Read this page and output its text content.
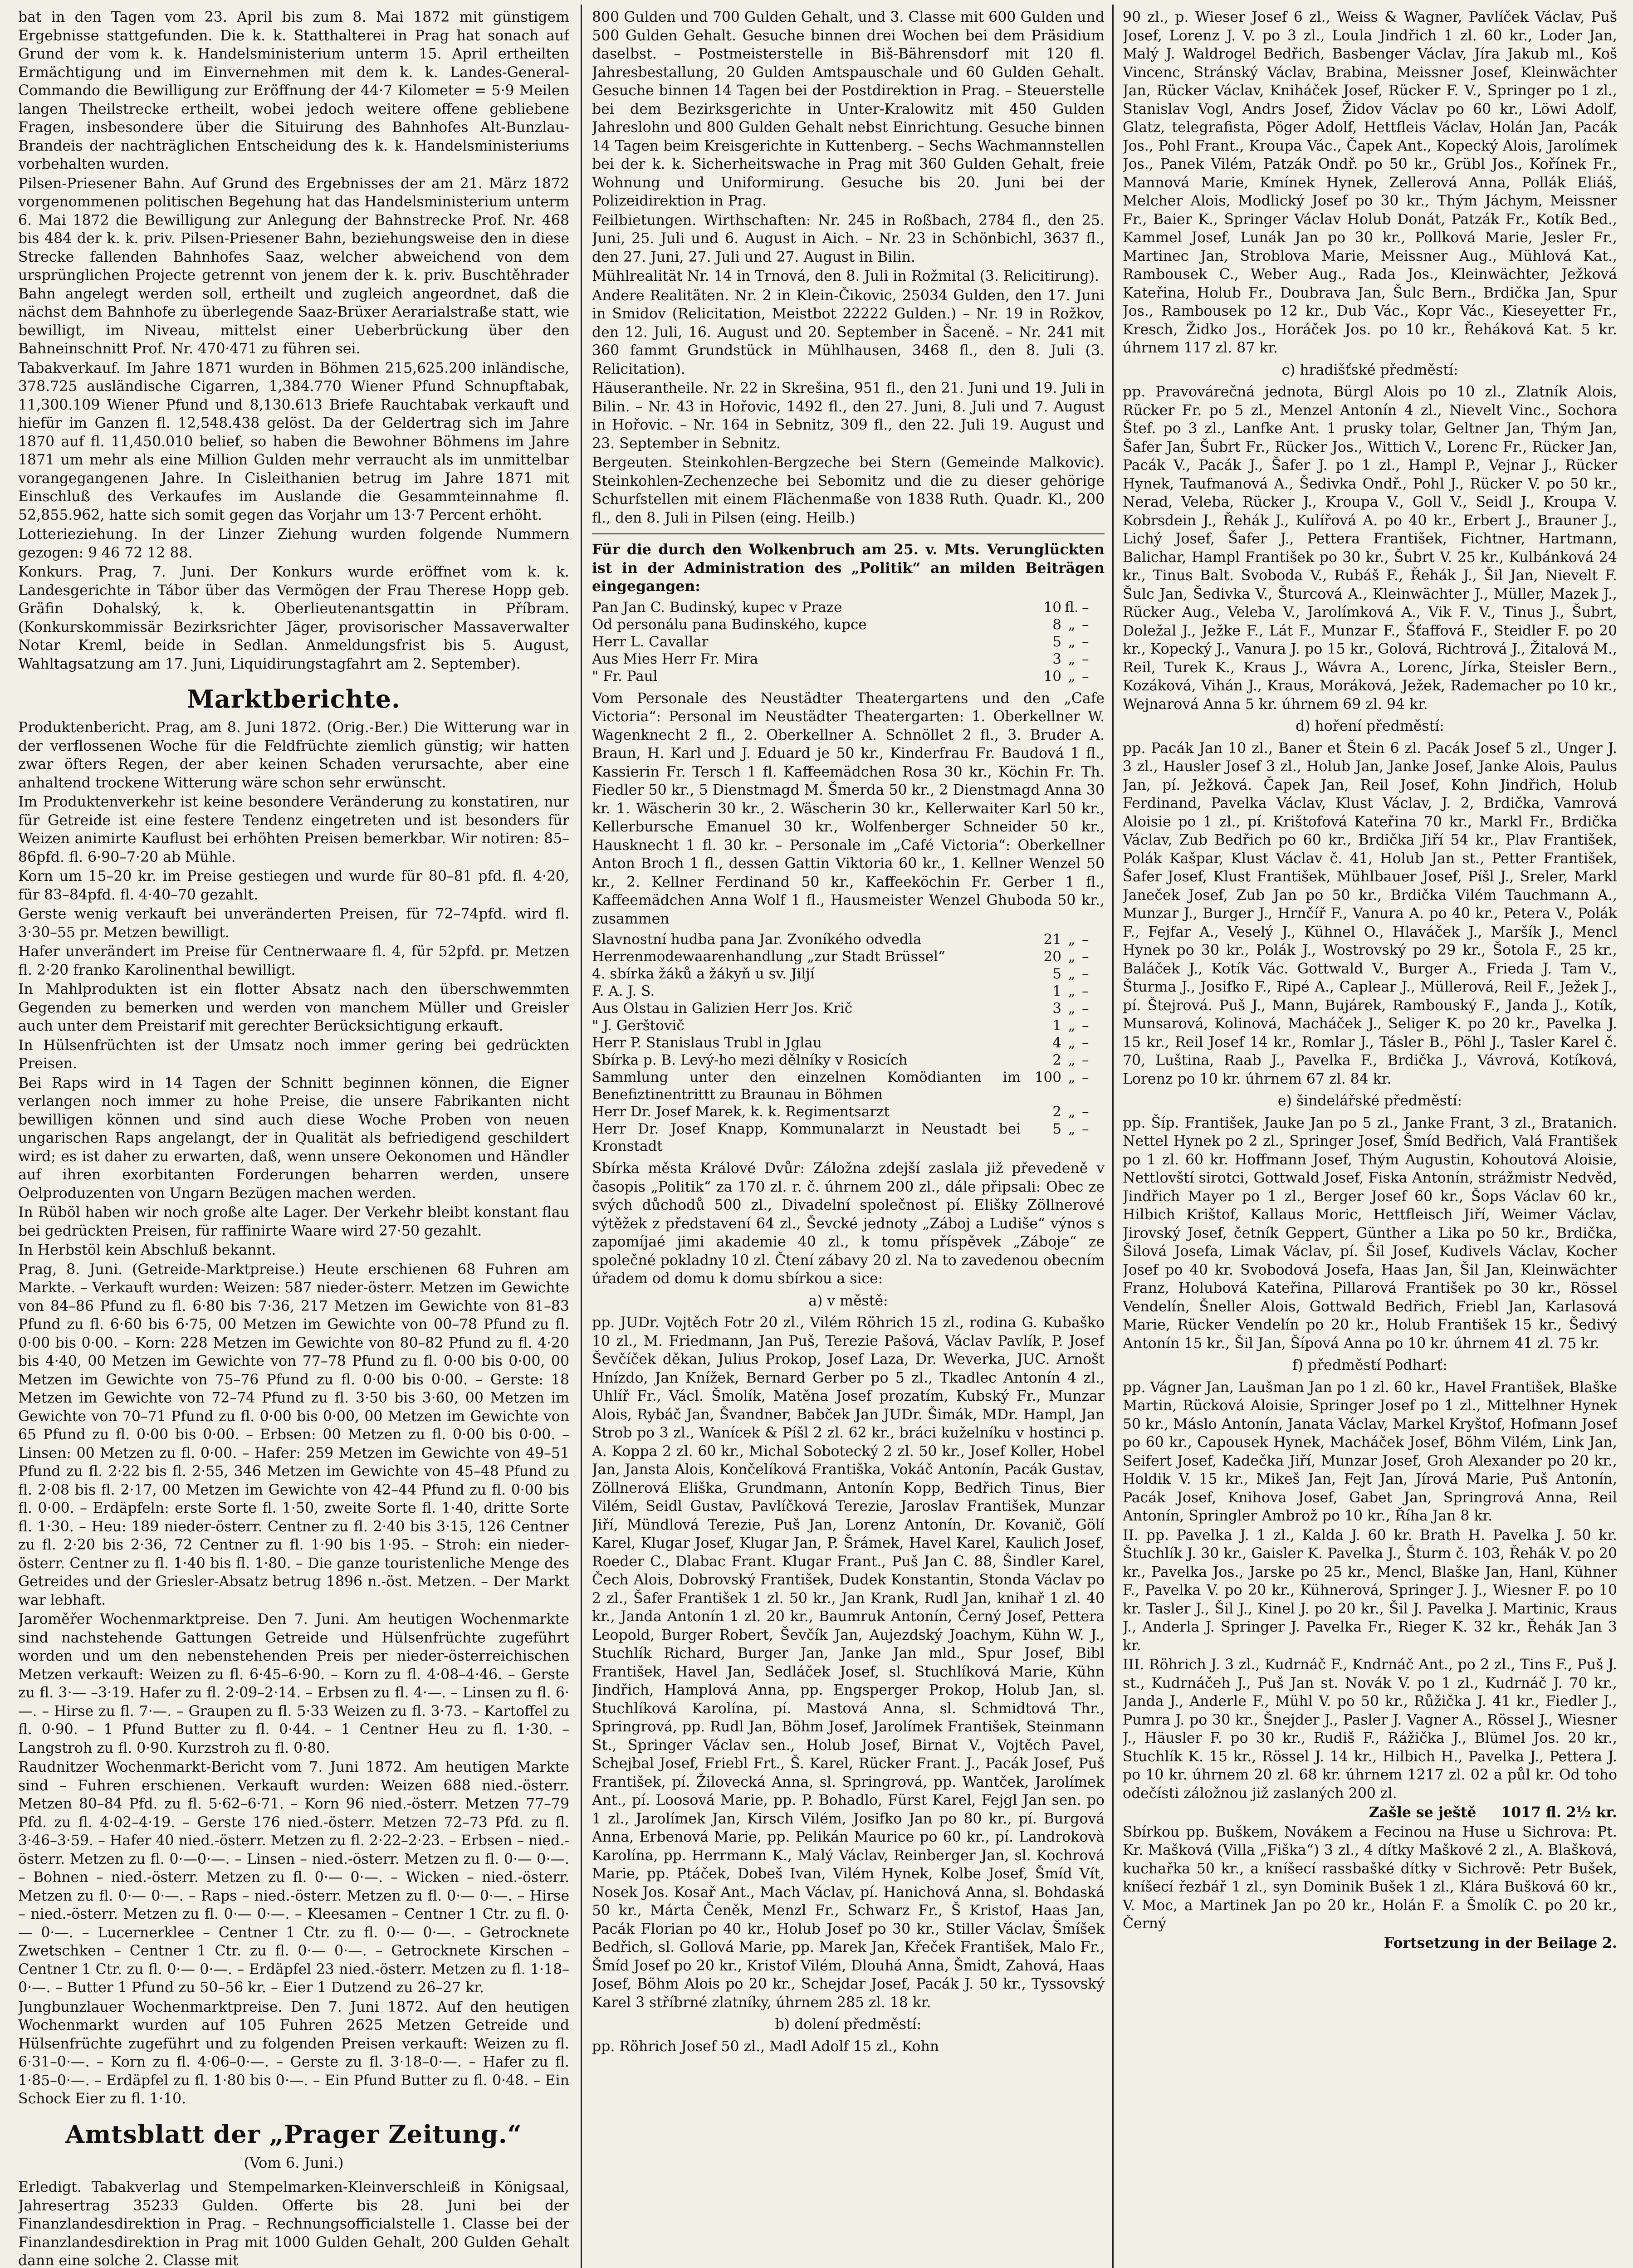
bat in den Tagen vom 23. April bis zum 8. Mai 1872 mit günstigem Ergebnisse stattgefunden. Die k. k. Statthalterei in Prag hat sonach auf Grund der vom k. k. Handelsministerium unterm 15. April ertheilten Ermächtigung und im Einvernehmen mit dem k. k. Landes-General-Commando die Bewilligung zur Eröffnung der 44·7 Kilometer = 5·9 Meilen langen Theilstrecke ertheilt, wobei jedoch weitere offene gebliebene Fragen, insbesondere über die Situirung des Bahnhofes Alt-Bunzlau-Brandeis der nachträglichen Entscheidung des k. k. Handelsministeriums vorbehalten wurden.

Pilsen-Priesener Bahn. Auf Grund des Ergebnisses der am 21. März 1872 vorgenommenen politischen Begehung hat das Handelsministerium unterm 6. Mai 1872 die Bewilligung zur Anlegung der Bahnstrecke Prof. Nr. 468 bis 484 der k. k. priv. Pilsen-Priesener Bahn, beziehungsweise den in diese Strecke fallenden Bahnhofes Saaz, welcher abweichend von dem ursprünglichen Projecte getrennt von jenem der k. k. priv. Buschtěhrader Bahn angelegt werden soll, ertheilt und zugleich angeordnet, daß die nächst dem Bahnhofe zu überlegende Saaz-Brüxer Aerarialstraße statt, wie bewilligt, im Niveau, mittelst einer Ueberbrückung über den Bahneinschnitt Prof. Nr. 470·471 zu führen sei.

Tabakverkauf. Im Jahre 1871 wurden in Böhmen 215,625.200 inländische, 378.725 ausländische Cigarren, 1,384.770 Wiener Pfund Schnupftabak, 11,300.109 Wiener Pfund und 8,130.613 Briefe Rauchtabak verkauft und hiefür im Ganzen fl. 12,548.438 gelöst. Da der Geldertrag sich im Jahre 1870 auf fl. 11,450.010 belief, so haben die Bewohner Böhmens im Jahre 1871 um mehr als eine Million Gulden mehr verraucht als im unmittelbar vorangegangenen Jahre. In Cisleithanien betrug im Jahre 1871 mit Einschluß des Verkaufes im Auslande die Gesammteinnahme fl. 52,855.962, hatte sich somit gegen das Vorjahr um 13·7 Percent erhöht.

Lotterieziehung. In der Linzer Ziehung wurden folgende Nummern gezogen: 9 46 72 12 88.

Konkurs. Prag, 7. Juni. Der Konkurs wurde eröffnet vom k. k. Landesgerichte in Tábor über das Vermögen der Frau Therese Hopp geb. Gräfin Dohalský, k. k. Oberlieutenantsgattin in Příbram. (Konkurskommissär Bezirksrichter Jäger, provisorischer Massaverwalter Notar Kreml, beide in Sedlan. Anmeldungsfrist bis 5. August, Wahltagsatzung am 17. Juni, Liquidirungstagfahrt am 2. September).

Marktberichte.

Produktenbericht. Prag, am 8. Juni 1872. (Orig.-Ber.) Die Witterung war in der verflossenen Woche für die Feldfrüchte ziemlich günstig; wir hatten zwar öfters Regen, der aber keinen Schaden verursachte, aber eine anhaltend trockene Witterung wäre schon sehr erwünscht.

Im Produktenverkehr ist keine besondere Veränderung zu konstatiren, nur für Getreide ist eine festere Tendenz eingetreten und ist besonders für Weizen animirte Kauflust bei erhöhten Preisen bemerkbar. Wir notiren: 85–86pfd. fl. 6·90–7·20 ab Mühle.

Korn um 15–20 kr. im Preise gestiegen und wurde für 80–81 pfd. fl. 4·20, für 83–84pfd. fl. 4·40–70 gezahlt.

Gerste wenig verkauft bei unveränderten Preisen, für 72–74pfd. wird fl. 3·30–55 pr. Metzen bewilligt.

Hafer unverändert im Preise für Centnerwaare fl. 4, für 52pfd. pr. Metzen fl. 2·20 franko Karolinenthal bewilligt.

In Mahlprodukten ist ein flotter Absatz nach den überschwemmten Gegenden zu bemerken und werden von manchem Müller und Greisler auch unter dem Preistarif mit gerechter Berücksichtigung erkauft.

In Hülsenfrüchten ist der Umsatz noch immer gering bei gedrückten Preisen.

Bei Raps wird in 14 Tagen der Schnitt beginnen können, die Eigner verlangen noch immer zu hohe Preise, die unsere Fabrikanten nicht bewilligen können und sind auch diese Woche Proben von neuen ungarischen Raps angelangt, der in Qualität als befriedigend geschildert wird; es ist daher zu erwarten, daß, wenn unsere Oekonomen und Händler auf ihren exorbitanten Forderungen beharren werden, unsere Oelproduzenten von Ungarn Bezügen machen werden.

In Rüböl haben wir noch große alte Lager. Der Verkehr bleibt konstant flau bei gedrückten Preisen, für raffinirte Waare wird 27·50 gezahlt.

In Herbstöl kein Abschluß bekannt.

Prag, 8. Juni. (Getreide-Marktpreise.) Heute erschienen 68 Fuhren am Markte. – Verkauft wurden: Weizen: 587 nieder-österr. Metzen im Gewichte von 84–86 Pfund zu fl. 6·80 bis 7·36, 217 Metzen im Gewichte von 81–83 Pfund zu fl. 6·60 bis 6·75, 00 Metzen im Gewichte von 00–78 Pfund zu fl. 0·00 bis 0·00. – Korn: 228 Metzen im Gewichte von 80–82 Pfund zu fl. 4·20 bis 4·40, 00 Metzen im Gewichte von 77–78 Pfund zu fl. 0·00 bis 0·00, 00 Metzen im Gewichte von 75–76 Pfund zu fl. 0·00 bis 0·00. – Gerste: 18 Metzen im Gewichte von 72–74 Pfund zu fl. 3·50 bis 3·60, 00 Metzen im Gewichte von 70–71 Pfund zu fl. 0·00 bis 0·00, 00 Metzen im Gewichte von 65 Pfund zu fl. 0·00 bis 0·00. – Erbsen: 00 Metzen zu fl. 0·00 bis 0·00. – Linsen: 00 Metzen zu fl. 0·00. – Hafer: 259 Metzen im Gewichte von 49–51 Pfund zu fl. 2·22 bis fl. 2·55, 346 Metzen im Gewichte von 45–48 Pfund zu fl. 2·08 bis fl. 2·17, 00 Metzen im Gewichte von 42–44 Pfund zu fl. 0·00 bis fl. 0·00. – Erdäpfeln: erste Sorte fl. 1·50, zweite Sorte fl. 1·40, dritte Sorte fl. 1·30. – Heu: 189 nieder-österr. Centner zu fl. 2·40 bis 3·15, 126 Centner zu fl. 2·20 bis 2·36, 72 Centner zu fl. 1·90 bis 1·95. – Stroh: ein nieder-österr. Centner zu fl. 1·40 bis fl. 1·80. – Die ganze touristenliche Menge des Getreides und der Griesler-Absatz betrug 1896 n.-öst. Metzen. – Der Markt war lebhaft.

Jaroměřer Wochenmarktpreise. Den 7. Juni. Am heutigen Wochenmarkte sind nachstehende Gattungen Getreide und Hülsenfrüchte zugeführt worden und um den nebenstehenden Preis per nieder-österreichischen Metzen verkauft: Weizen zu fl. 6·45–6·90. – Korn zu fl. 4·08–4·46. – Gerste zu fl. 3·— –3·19. Hafer zu fl. 2·09–2·14. – Erbsen zu fl. 4·—. – Linsen zu fl. 6·—. – Hirse zu fl. 7·—. – Graupen zu fl. 5·33 Weizen zu fl. 3·73. – Kartoffel zu fl. 0·90. – 1 Pfund Butter zu fl. 0·44. – 1 Centner Heu zu fl. 1·30. – Langstroh zu fl. 0·90. Kurzstroh zu fl. 0·80.

Raudnitzer Wochenmarkt-Bericht vom 7. Juni 1872. Am heutigen Markte sind – Fuhren erschienen. Verkauft wurden: Weizen 688 nied.-österr. Metzen 80–84 Pfd. zu fl. 5·62–6·71. – Korn 96 nied.-österr. Metzen 77–79 Pfd. zu fl. 4·02–4·19. – Gerste 176 nied.-österr. Metzen 72–73 Pfd. zu fl. 3·46–3·59. – Hafer 40 nied.-österr. Metzen zu fl. 2·22–2·23. – Erbsen – nied.-österr. Metzen zu fl. 0·—0·—. – Linsen – nied.-österr. Metzen zu fl. 0·— 0·—. – Bohnen – nied.-österr. Metzen zu fl. 0·— 0·—. – Wicken – nied.-österr. Metzen zu fl. 0·— 0·—. – Raps – nied.-österr. Metzen zu fl. 0·— 0·—. – Hirse – nied.-österr. Metzen zu fl. 0·— 0·—. – Kleesamen – Centner 1 Ctr. zu fl. 0·— 0·—. – Lucernerklee – Centner 1 Ctr. zu fl. 0·— 0·—. – Getrocknete Zwetschken – Centner 1 Ctr. zu fl. 0·— 0·—. – Getrocknete Kirschen – Centner 1 Ctr. zu fl. 0·— 0·—. – Erdäpfel 23 nied.-österr. Metzen zu fl. 1·18–0·—. – Butter 1 Pfund zu 50–56 kr. – Eier 1 Dutzend zu 26–27 kr.

Jungbunzlauer Wochenmarktpreise. Den 7. Juni 1872. Auf den heutigen Wochenmarkt wurden auf 105 Fuhren 2625 Metzen Getreide und Hülsenfrüchte zugeführt und zu folgenden Preisen verkauft: Weizen zu fl. 6·31–0·—. – Korn zu fl. 4·06–0·—. – Gerste zu fl. 3·18–0·—. – Hafer zu fl. 1·85–0·—. – Erdäpfel zu fl. 1·80 bis 0·—. – Ein Pfund Butter zu fl. 0·48. – Ein Schock Eier zu fl. 1·10.

Amtsblatt der „Prager Zeitung.“
(Vom 6. Juni.)

Erledigt. Tabakverlag und Stempelmarken-Kleinverschleiß in Königsaal, Jahresertrag 35233 Gulden. Offerte bis 28. Juni bei der Finanzlandesdirektion in Prag. – Rechnungsofficialstelle 1. Classe bei der Finanzlandesdirektion in Prag mit 1000 Gulden Gehalt, 200 Gulden Gehalt dann eine solche 2. Classe mit

800 Gulden und 700 Gulden Gehalt, und 3. Classe mit 600 Gulden und 500 Gulden Gehalt. Gesuche binnen drei Wochen bei dem Präsidium daselbst. – Postmeisterstelle in Biš-Bährensdorf mit 120 fl. Jahresbestallung, 20 Gulden Amtspauschale und 60 Gulden Gehalt. Gesuche binnen 14 Tagen bei der Postdirektion in Prag. – Steuerstelle bei dem Bezirksgerichte in Unter-Kralowitz mit 450 Gulden Jahreslohn und 800 Gulden Gehalt nebst Einrichtung. Gesuche binnen 14 Tagen beim Kreisgerichte in Kuttenberg. – Sechs Wachmannstellen bei der k. k. Sicherheitswache in Prag mit 360 Gulden Gehalt, freie Wohnung und Uniformirung. Gesuche bis 20. Juni bei der Polizeidirektion in Prag.

Feilbietungen. Wirthschaften: Nr. 245 in Roßbach, 2784 fl., den 25. Juni, 25. Juli und 6. August in Aich. – Nr. 23 in Schönbichl, 3637 fl., den 27. Juni, 27. Juli und 27. August in Bilin.

Mühlrealität Nr. 14 in Trnová, den 8. Juli in Rožmital (3. Relicitirung).

Andere Realitäten. Nr. 2 in Klein-Čikovic, 25034 Gulden, den 17. Juni in Smidov (Relicitation, Meistbot 22222 Gulden.) – Nr. 19 in Rožkov, den 12. Juli, 16. August und 20. September in Šaceně. – Nr. 241 mit 360 fammt Grundstück in Mühlhausen, 3468 fl., den 8. Juli (3. Relicitation).

Häuserantheile. Nr. 22 in Skrešina, 951 fl., den 21. Juni und 19. Juli in Bilin. – Nr. 43 in Hořovic, 1492 fl., den 27. Juni, 8. Juli und 7. August in Hořovic. – Nr. 164 in Sebnitz, 309 fl., den 22. Juli 19. August und 23. September in Sebnitz.

Bergeuten. Steinkohlen-Bergzeche bei Stern (Gemeinde Malkovic). Steinkohlen-Zechenzeche bei Sebomitz und die zu dieser gehörige Schurfstellen mit einem Flächenmaße von 1838 Ruth. Quadr. Kl., 200 fl., den 8. Juli in Pilsen (eing. Heilb.)

Für die durch den Wolkenbruch am 25. v. Mts. Verunglückten ist in der Administration des „Politik“ an milden Beiträgen eingegangen:

Pan Jan C. Budinský, kupec v Praze	10	fl.	–
Od personálu pana Budinského, kupce	8	„	–
Herr L. Cavallar	5	„	–
Aus Mies Herr Fr. Mira	3	„	–
" Fr. Paul	10	„	–

Vom Personale des Neustädter Theatergartens und den „Cafe Victoria“: Personal im Neustädter Theatergarten: 1. Oberkellner W. Wagenknecht 2 fl., 2. Oberkellner A. Schnöllet 2 fl., 3. Bruder A. Braun, H. Karl und J. Eduard je 50 kr., Kinderfrau Fr. Baudová 1 fl., Kassierin Fr. Tersch 1 fl. Kaffeemädchen Rosa 30 kr., Köchin Fr. Th. Fiedler 50 kr., 5 Dienstmagd M. Šmerda 50 kr., 2 Dienstmagd Anna 30 kr. 1. Wäscherin 30 kr., 2. Wäscherin 30 kr., Kellerwaiter Karl 50 kr., Kellerbursche Emanuel 30 kr., Wolfenberger Schneider 50 kr., Hausknecht 1 fl. 30 kr. – Personale im „Café Victoria“: Oberkellner Anton Broch 1 fl., dessen Gattin Viktoria 60 kr., 1. Kellner Wenzel 50 kr., 2. Kellner Ferdinand 50 kr., Kaffeeköchin Fr. Gerber 1 fl., Kaffeemädchen Anna Wolf 1 fl., Hausmeister Wenzel Ghuboda 50 kr., zusammen

Slavnostní hudba pana Jar. Zvoníkého odvedla	21	„	–
Herrenmodewaarenhandlung „zur Stadt Brüssel“	20	„	–
4. sbírka žáků a žákyň u sv. Jiljí	5	„	–
F. A. J. S.	1	„	–
Aus Olstau in Galizien Herr Jos. Krič	3	„	–
" J. Gerštovič	1	„	–
Herr P. Stanislaus Trubl in Jglau	4	„	–
Sbírka p. B. Levý-ho mezi dělníky v Rosicích	2	„	–
Sammlung unter den einzelnen Komödianten im Benefiztinentrittt zu Braunau in Böhmen	100	„	–
Herr Dr. Josef Marek, k. k. Regimentsarzt	2	„	–
Herr Dr. Josef Knapp, Kommunalarzt in Neustadt bei Kronstadt	5	„	–

Sbírka města Králové Dvůr: Záložna zdejší zaslala již převedeně v časopis „Politik“ za 170 zl. r. č. úhrnem 200 zl., dále připsali: Obec ze svých důchodů 500 zl., Divadelní společnost pí. Elišky Zöllnerové výtěžek z představení 64 zl., Ševcké jednoty „Záboj a Ludiše“ výnos s zapomíjaé jimi akademie 40 zl., k tomu příspěvek „Záboje“ ze společné pokladny 10 zl. Čtení zábavy 20 zl. Na to zavedenou obecním úřadem od domu k domu sbírkou a sice:

a) v městě:

pp. JUDr. Vojtěch Fotr 20 zl., Vilém Röhrich 15 zl., rodina G. Kubaško 10 zl., M. Friedmann, Jan Puš, Terezie Pašová, Václav Pavlík, P. Josef Ševčíček děkan, Julius Prokop, Josef Laza, Dr. Weverka, JUC. Arnošt Hnízdo, Jan Knížek, Bernard Gerber po 5 zl., Tkadlec Antonín 4 zl., Uhlíř Fr., Václ. Šmolík, Matěna Josef prozatím, Kubský Fr., Munzar Alois, Rybáč Jan, Švandner, Babček Jan JUDr. Šimák, MDr. Hampl, Jan Strob po 3 zl., Wanícek & Píšl 2 zl. 62 kr., bráci kuželníku v hostinci p. A. Koppa 2 zl. 60 kr., Michal Sobotecký 2 zl. 50 kr., Josef Koller, Hobel Jan, Jansta Alois, Končelíková Františka, Vokáč Antonín, Pacák Gustav, Zöllnerová Eliška, Grundmann, Antonín Kopp, Bedřich Tinus, Bier Vilém, Seidl Gustav, Pavlíčková Terezie, Jaroslav František, Munzar Jiří, Mündlová Terezie, Puš Jan, Lorenz Antonín, Dr. Kovanič, Gölí Karel, Klugar Josef, Klugar Jan, P. Šrámek, Havel Karel, Kaulich Josef, Roeder C., Dlabac Frant. Klugar Frant., Puš Jan C. 88, Šindler Karel, Čech Alois, Dobrovský František, Dudek Konstantin, Stonda Václav po 2 zl., Šafer František 1 zl. 50 kr., Jan Krank, Rudl Jan, knihař 1 zl. 40 kr., Janda Antonín 1 zl. 20 kr., Baumruk Antonín, Černý Josef, Pettera Leopold, Burger Robert, Ševčík Jan, Aujezdský Joachym, Kühn W. J., Stuchlík Richard, Burger Jan, Janke Jan mld., Spur Josef, Bibl František, Havel Jan, Sedláček Josef, sl. Stuchlíková Marie, Kühn Jindřich, Hamplová Anna, pp. Engsperger Prokop, Holub Jan, sl. Stuchlíková Karolína, pí. Mastová Anna, sl. Schmidtová Thr., Springrová, pp. Rudl Jan, Böhm Josef, Jarolímek František, Steinmann St., Springer Václav sen., Holub Josef, Birnat V., Vojtěch Pavel, Schejbal Josef, Friebl Frt., Š. Karel, Rücker Frant. J., Pacák Josef, Puš František, pí. Žilovecká Anna, sl. Springrová, pp. Wantček, Jarolímek Ant., pí. Loosová Marie, pp. P. Bohadlo, Fürst Karel, Fejgl Jan sen. po 1 zl., Jarolímek Jan, Kirsch Vilém, Josifko Jan po 80 kr., pí. Burgová Anna, Erbenová Marie, pp. Pelikán Maurice po 60 kr., pí. Landrokovà Karolína, pp. Herrmann K., Malý Václav, Reinberger Jan, sl. Kochrová Marie, pp. Ptáček, Dobeš Ivan, Vilém Hynek, Kolbe Josef, Šmíd Vít, Nosek Jos. Kosař Ant., Mach Václav, pí. Hanichová Anna, sl. Bohdaská 50 kr., Márta Čeněk, Menzl Fr., Schwarz Fr., Š Kristof, Haas Jan, Pacák Florian po 40 kr., Holub Josef po 30 kr., Stiller Václav, Šmíšek Bedřich, sl. Gollová Marie, pp. Marek Jan, Křeček František, Malo Fr., Šmíd Josef po 20 kr., Kristof Vilém, Dlouhá Anna, Šmidt, Zahová, Haas Josef, Böhm Alois po 20 kr., Schejdar Josef, Pacák J. 50 kr., Tyssovský Karel 3 stříbrné zlatníky, úhrnem 285 zl. 18 kr.

b) dolení předměstí:

pp. Röhrich Josef 50 zl., Madl Adolf 15 zl., Kohn

90 zl., p. Wieser Josef 6 zl., Weiss & Wagner, Pavlíček Václav, Puš Josef, Lorenz J. V. po 3 zl., Loula Jindřich 1 zl. 60 kr., Loder Jan, Malý J. Waldrogel Bedřich, Basbenger Václav, Jíra Jakub ml., Koš Vincenc, Stránský Václav, Brabina, Meissner Josef, Kleinwächter Jan, Rücker Václav, Kniháček Josef, Rücker F. V., Springer po 1 zl., Stanislav Vogl, Andrs Josef, Židov Václav po 60 kr., Löwi Adolf, Glatz, telegrafista, Pöger Adolf, Hettfleis Václav, Holán Jan, Pacák Jos., Pohl Frant., Kroupa Vác., Čapek Ant., Kopecký Alois, Jarolímek Jos., Panek Vilém, Patzák Ondř. po 50 kr., Grübl Jos., Kořínek Fr., Mannová Marie, Kmínek Hynek, Zellerová Anna, Pollák Eliáš, Melcher Alois, Modlický Josef po 30 kr., Thým Jáchym, Meissner Fr., Baier K., Springer Václav Holub Donát, Patzák Fr., Kotík Bed., Kammel Josef, Lunák Jan po 30 kr., Pollková Marie, Jesler Fr., Martinec Jan, Stroblova Marie, Meissner Aug., Mühlová Kat., Rambousek C., Weber Aug., Rada Jos., Kleinwächter, Ježková Kateřina, Holub Fr., Doubrava Jan, Šulc Bern., Brdička Jan, Spur Jos., Rambousek po 12 kr., Dub Vác., Kopr Vác., Kieseyetter Fr., Kresch, Židko Jos., Horáček Jos. po 10 kr., Řeháková Kat. 5 kr. úhrnem 117 zl. 87 kr.

c) hradišťské předměstí:

pp. Pravovárečná jednota, Bürgl Alois po 10 zl., Zlatník Alois, Rücker Fr. po 5 zl., Menzel Antonín 4 zl., Nievelt Vinc., Sochora Štef. po 3 zl., Lanfke Ant. 1 prusky tolar, Geltner Jan, Thým Jan, Šafer Jan, Šubrt Fr., Rücker Jos., Wittich V., Lorenc Fr., Rücker Jan, Pacák V., Pacák J., Šafer J. po 1 zl., Hampl P., Vejnar J., Rücker Hynek, Taufmanová A., Šedivka Ondř., Pohl J., Rücker V. po 50 kr., Nerad, Veleba, Rücker J., Kroupa V., Goll V., Seidl J., Kroupa V. Kobrsdein J., Řehák J., Kulířová A. po 40 kr., Erbert J., Brauner J., Lichý Josef, Šafer J., Pettera František, Fichtner, Hartmann, Balichar, Hampl František po 30 kr., Šubrt V. 25 kr., Kulbánková 24 kr., Tinus Balt. Svoboda V., Rubáš F., Řehák J., Šil Jan, Nievelt F. Šulc Jan, Šedivka V., Šturcová A., Kleinwächter J., Müller, Mazek J., Rücker Aug., Veleba V., Jarolímková A., Vik F. V., Tinus J., Šubrt, Doležal J., Ježke F., Lát F., Munzar F., Šťaffová F., Steidler F. po 20 kr., Kopecký J., Vanura J. po 15 kr., Golová, Richtrová J., Žitalová M., Reil, Turek K., Kraus J., Wávra A., Lorenc, Jírka, Steisler Bern., Kozáková, Vihán J., Kraus, Moráková, Ježek, Rademacher po 10 kr., Wejnarová Anna 5 kr. úhrnem 69 zl. 94 kr.

d) hoření předměstí:

pp. Pacák Jan 10 zl., Baner et Štein 6 zl. Pacák Josef 5 zl., Unger J. 3 zl., Hausler Josef 3 zl., Holub Jan, Janke Josef, Janke Alois, Paulus Jan, pí. Ježková. Čapek Jan, Reil Josef, Kohn Jindřich, Holub Ferdinand, Pavelka Václav, Klust Václav, J. 2, Brdička, Vamrová Aloisie po 1 zl., pí. Krištofová Kateřina 70 kr., Markl Fr., Brdička Václav, Zub Bedřich po 60 kr., Brdička Jiří 54 kr., Plav František, Polák Kašpar, Klust Václav č. 41, Holub Jan st., Petter František, Šafer Josef, Klust František, Mühlbauer Josef, Píšl J., Sreler, Markl Janeček Josef, Zub Jan po 50 kr., Brdička Vilém Tauchmann A., Munzar J., Burger J., Hrnčíř F., Vanura A. po 40 kr., Petera V., Polák F., Fejfar A., Veselý J., Kühnel O., Hlaváček J., Maršík J., Mencl Hynek po 30 kr., Polák J., Wostrovský po 29 kr., Šotola F., 25 kr., Baláček J., Kotík Vác. Gottwald V., Burger A., Frieda J. Tam V., Šturma J., Josifko F., Ripé A., Caplear J., Müllerová, Reil F., Ježek J., pí. Štejrová. Puš J., Mann, Bujárek, Rambouský F., Janda J., Kotík, Munsarová, Kolinová, Macháček J., Seliger K. po 20 kr., Pavelka J. 15 kr., Reil Josef 14 kr., Romlar J., Tásler B., Pöhl J., Tasler Karel č. 70, Luština, Raab J., Pavelka F., Brdička J., Vávrová, Kotíková, Lorenz po 10 kr. úhrnem 67 zl. 84 kr.

e) šindelářské předměstí:

pp. Šíp. František, Jauke Jan po 5 zl., Janke Frant, 3 zl., Bratanich. Nettel Hynek po 2 zl., Springer Josef, Šmíd Bedřich, Valá František po 1 zl. 60 kr. Hoffmann Josef, Thým Augustin, Kohoutová Aloisie, Nettlovští sirotci, Gottwald Josef, Fiska Antonín, strážmistr Nedvěd, Jindřich Mayer po 1 zl., Berger Josef 60 kr., Šops Václav 60 kr., Hilbich Krištof, Kallaus Moric, Hettfleisch Jiří, Weimer Václav, Jirovský Josef, četník Geppert, Günther a Lika po 50 kr., Brdička, Šilová Josefa, Limak Václav, pí. Šil Josef, Kudivels Václav, Kocher Josef po 40 kr. Svobodová Josefa, Haas Jan, Šil Jan, Kleinwächter Franz, Holubová Kateřina, Pillarová František po 30 kr., Rössel Vendelín, Šneller Alois, Gottwald Bedřich, Friebl Jan, Karlasová Marie, Rücker Vendelín po 20 kr., Holub František 15 kr., Šedivý Antonín 15 kr., Šil Jan, Šípová Anna po 10 kr. úhrnem 41 zl. 75 kr.

f) předměstí Podharť:

pp. Vágner Jan, Laušman Jan po 1 zl. 60 kr., Havel František, Blaške Martin, Rücková Aloisie, Springer Josef po 1 zl., Mittelhner Hynek 50 kr., Máslo Antonín, Janata Václav, Markel Kryštof, Hofmann Josef po 60 kr., Capousek Hynek, Macháček Josef, Böhm Vilém, Link Jan, Seifert Josef, Kadečka Jiří, Munzar Josef, Groh Alexander po 20 kr., Holdik V. 15 kr., Mikeš Jan, Fejt Jan, Jírová Marie, Puš Antonín, Pacák Josef, Knihova Josef, Gabet Jan, Springrová Anna, Reil Antonín, Springler Ambrož po 10 kr., Říha Jan 8 kr.

II. pp. Pavelka J. 1 zl., Kalda J. 60 kr. Brath H. Pavelka J. 50 kr. Štuchlík J. 30 kr., Gaisler K. Pavelka J., Šturm č. 103, Řehák V. po 20 kr., Pavelka Jos., Jarske po 25 kr., Mencl, Blaške Jan, Hanl, Kühner F., Pavelka V. po 20 kr., Kühnerová, Springer J. J., Wiesner F. po 10 kr. Tasler J., Šil J., Kinel J. po 20 kr., Šil J. Pavelka J. Martinic, Kraus J., Anderla J. Springer J. Pavelka Fr., Rieger K. 32 kr., Řehák Jan 3 kr.

III. Röhrich J. 3 zl., Kudrnáč F., Kndrnáč Ant., po 2 zl., Tins F., Puš J. st., Kudrnáčeh J., Puš Jan st. Novák V. po 1 zl., Kudrnáč J. 70 kr., Janda J., Anderle F., Mühl V. po 50 kr., Růžička J. 41 kr., Fiedler J., Pumra J. po 30 kr., Šnejder J., Pasler J. Vagner A., Rössel J., Wiesner J., Häusler F. po 30 kr., Rudiš F., Rážička J., Blümel Jos. 20 kr., Stuchlík K. 15 kr., Rössel J. 14 kr., Hilbich H., Pavelka J., Pettera J. po 10 kr. úhrnem 20 zl. 68 kr. úhrnem 1217 zl. 02 a půl kr. Od toho odečísti záložnou již zaslaných 200 zl.

Zašle se ještě 1017 fl. 2½ kr.

Sbírkou pp. Buškem, Novákem a Fecinou na Huse u Sichrova: Pt. Kr. Mašková (Villa „Fiška“) 3 zl., 4 dítky Maškové 2 zl., A. Blašková, kuchařka 50 kr., a kníšecí rassbašké dítky v Sichrově: Petr Bušek, kníšecí řezbář 1 zl., syn Dominik Bušek 1 zl., Klára Bušková 60 kr., V. Moc, a Martinek Jan po 20 kr., Holán F. a Šmolík C. po 20 kr., Černý

Fortsetzung in der Beilage 2.
